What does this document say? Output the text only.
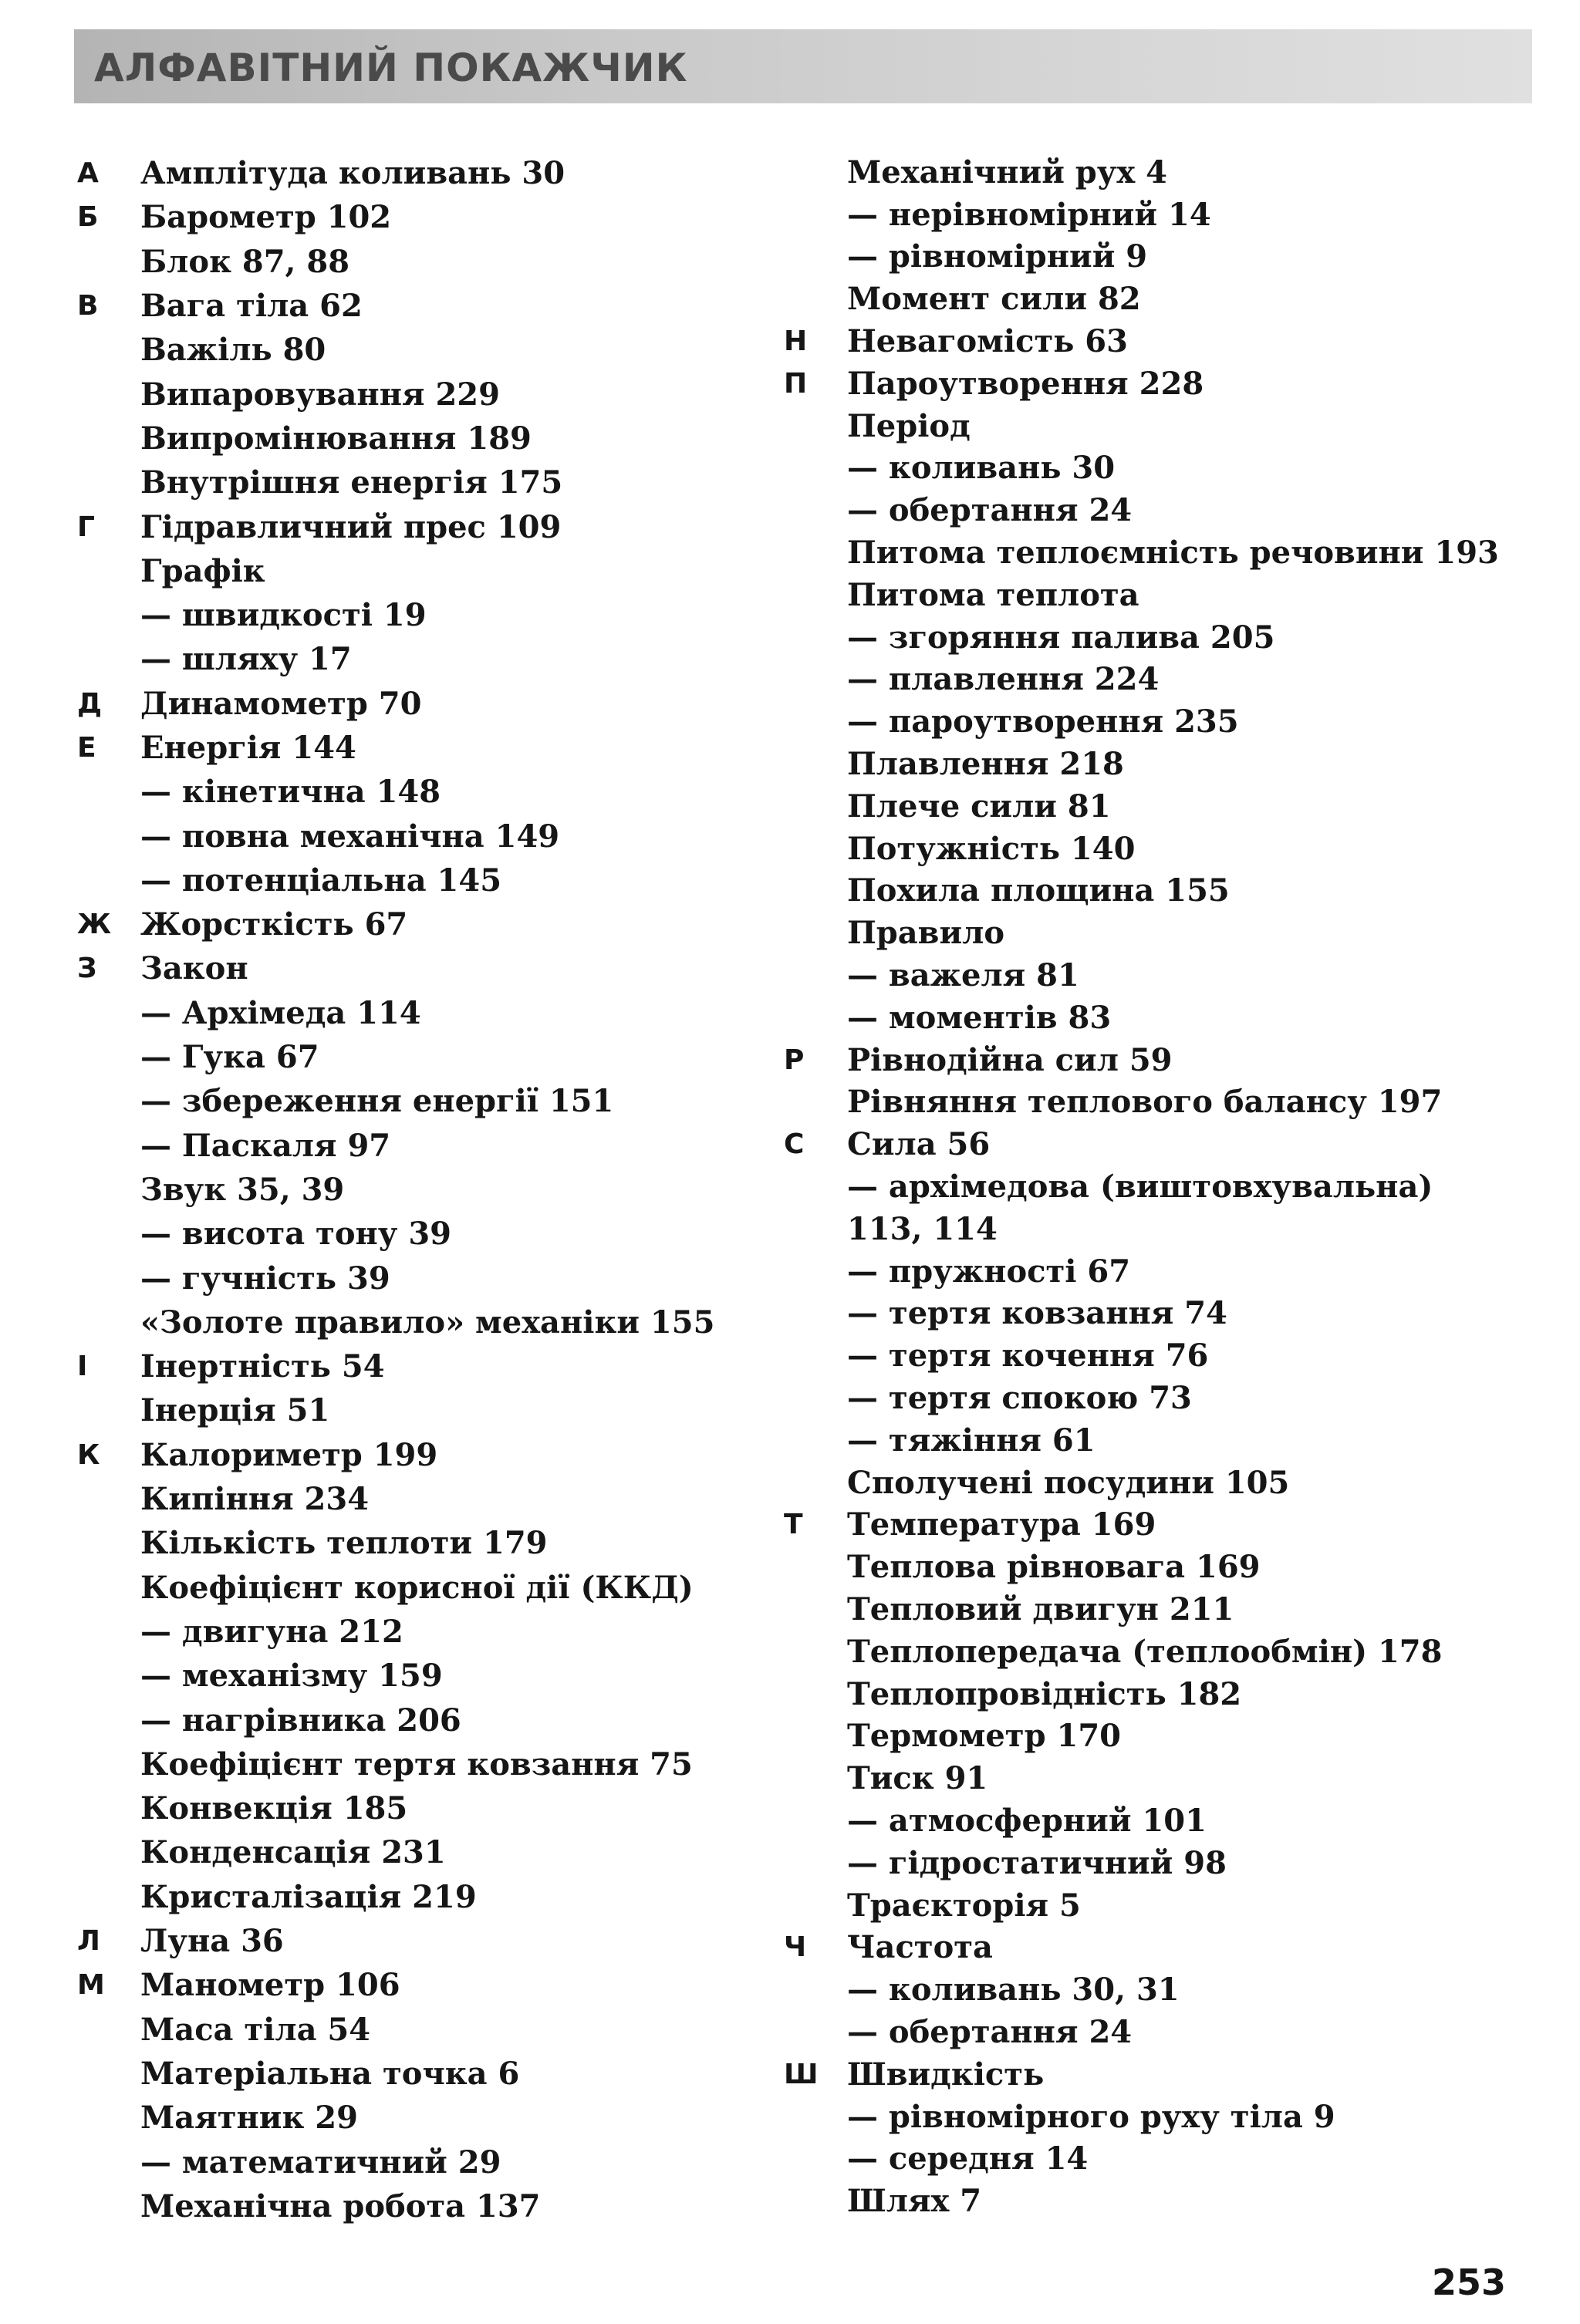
АЛФАВІТНИЙ ПОКАЖЧИК
А	Амплітуда коливань 30
Б	Барометр 102
Блок 87, 88
В	Вага тіла 62
Важіль 80
Випаровування 229
Випромінювання 189
Внутрішня енергія 175
Г	Гідравличний прес 109
Графік
— швидкості 19
— шляху 17
Д Динамометр 70
Е	Енергія 144
— кінетична 148
— повна механічна 149
— потенціальна 145
Ж Жорсткість 67
З	Закон
— Архімеда 114
— Гука 67
— збереження енергії 151
— Паскаля 97
Звук 35, 39
— висота тону 39
— гучність 39
«Золоте правило» механіки 155
І	Інертність 54
Інерція 51
К Калориметр 199
Кипіння 234
Кількість теплоти 179
Коефіцієнт корисної дії (ККД)
— двигуна 212
— механізму 159
— нагрівника 206
Коефіцієнт тертя ковзання 75
Конвекція 185
Конденсація 231
Кристалізація 219
Л Луна 36
М Манометр 106
Маса тіла 54
Матеріальна точка 6
Маятник 29
— математичний 29
Механічна робота 137
Механічний рух 4
— нерівномірний 14
— рівномірний 9
Момент сили 82
Н Невагомість 63
П Пароутворення 228
Період
— коливань 30
— обертання 24
Питома теплоємність речовини 193
Питома теплота
— згоряння палива 205
— плавлення 224
— пароутворення 235
Плавлення 218
Плече сили 81
Потужність 140
Похила площина 155
Правило
— важеля 81
— моментів 83
Р	Рівнодійна сил 59
Рівняння теплового балансу 197
С	Сила 56
— архімедова (виштовхувальна)
113, 114
— пружності 67
— тертя ковзання 74
— тертя кочення 76
— тертя спокою 73
— тяжіння 61
Сполучені посудини 105
Т	Температура 169
Теплова рівновага 169
Тепловий двигун 211
Теплопередача (теплообмін) 178
Теплопровідність 182
Термометр 170
Тиск 91
— атмосферний 101
— гідростатичний 98
Траєкторія 5
Ч Частота
— коливань 30, 31
— обертання 24
Ш Швидкість
— рівномірного руху тіла 9
— середня 14
Шлях 7
253
